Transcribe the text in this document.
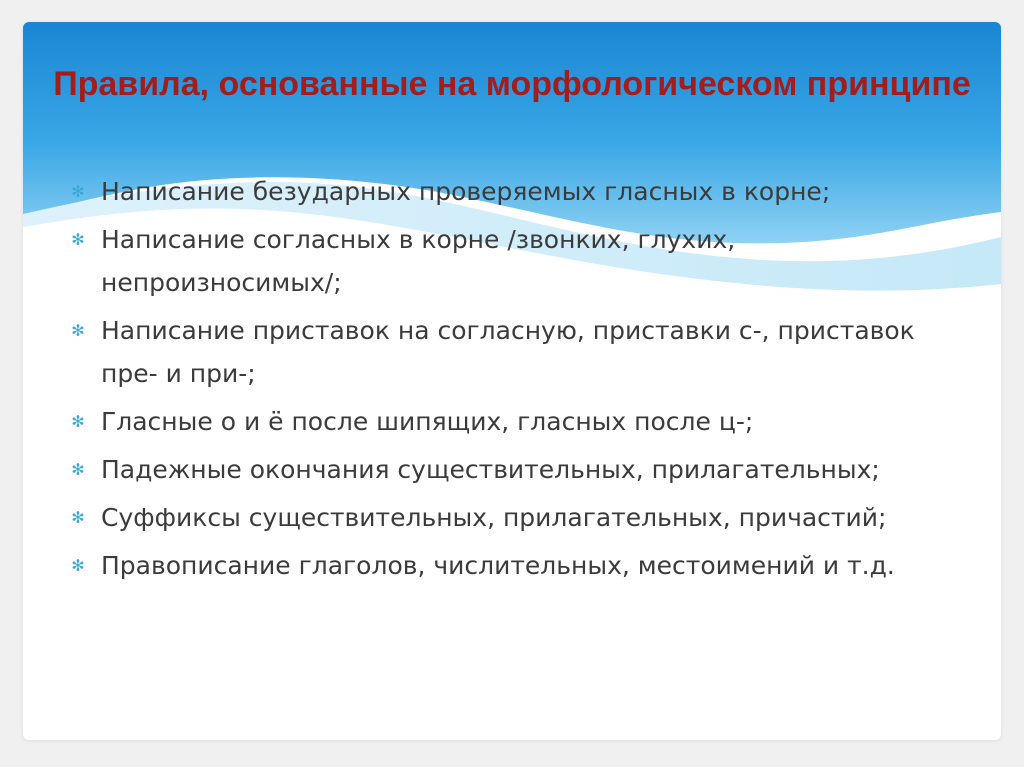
Правила, основанные на морфологическом принципе
✻ Написание безударных проверяемых гласных в корне;
✻ Написание согласных в корне /звонких, глухих, непроизносимых/;
✻ Написание приставок на согласную, приставки с-, приставок пре- и при-;
✻ Гласные о и ё после шипящих, гласных после ц-;
✻ Падежные окончания существительных, прилагательных;
✻ Суффиксы существительных, прилагательных, причастий;
✻ Правописание глаголов, числительных, местоимений и т.д.
